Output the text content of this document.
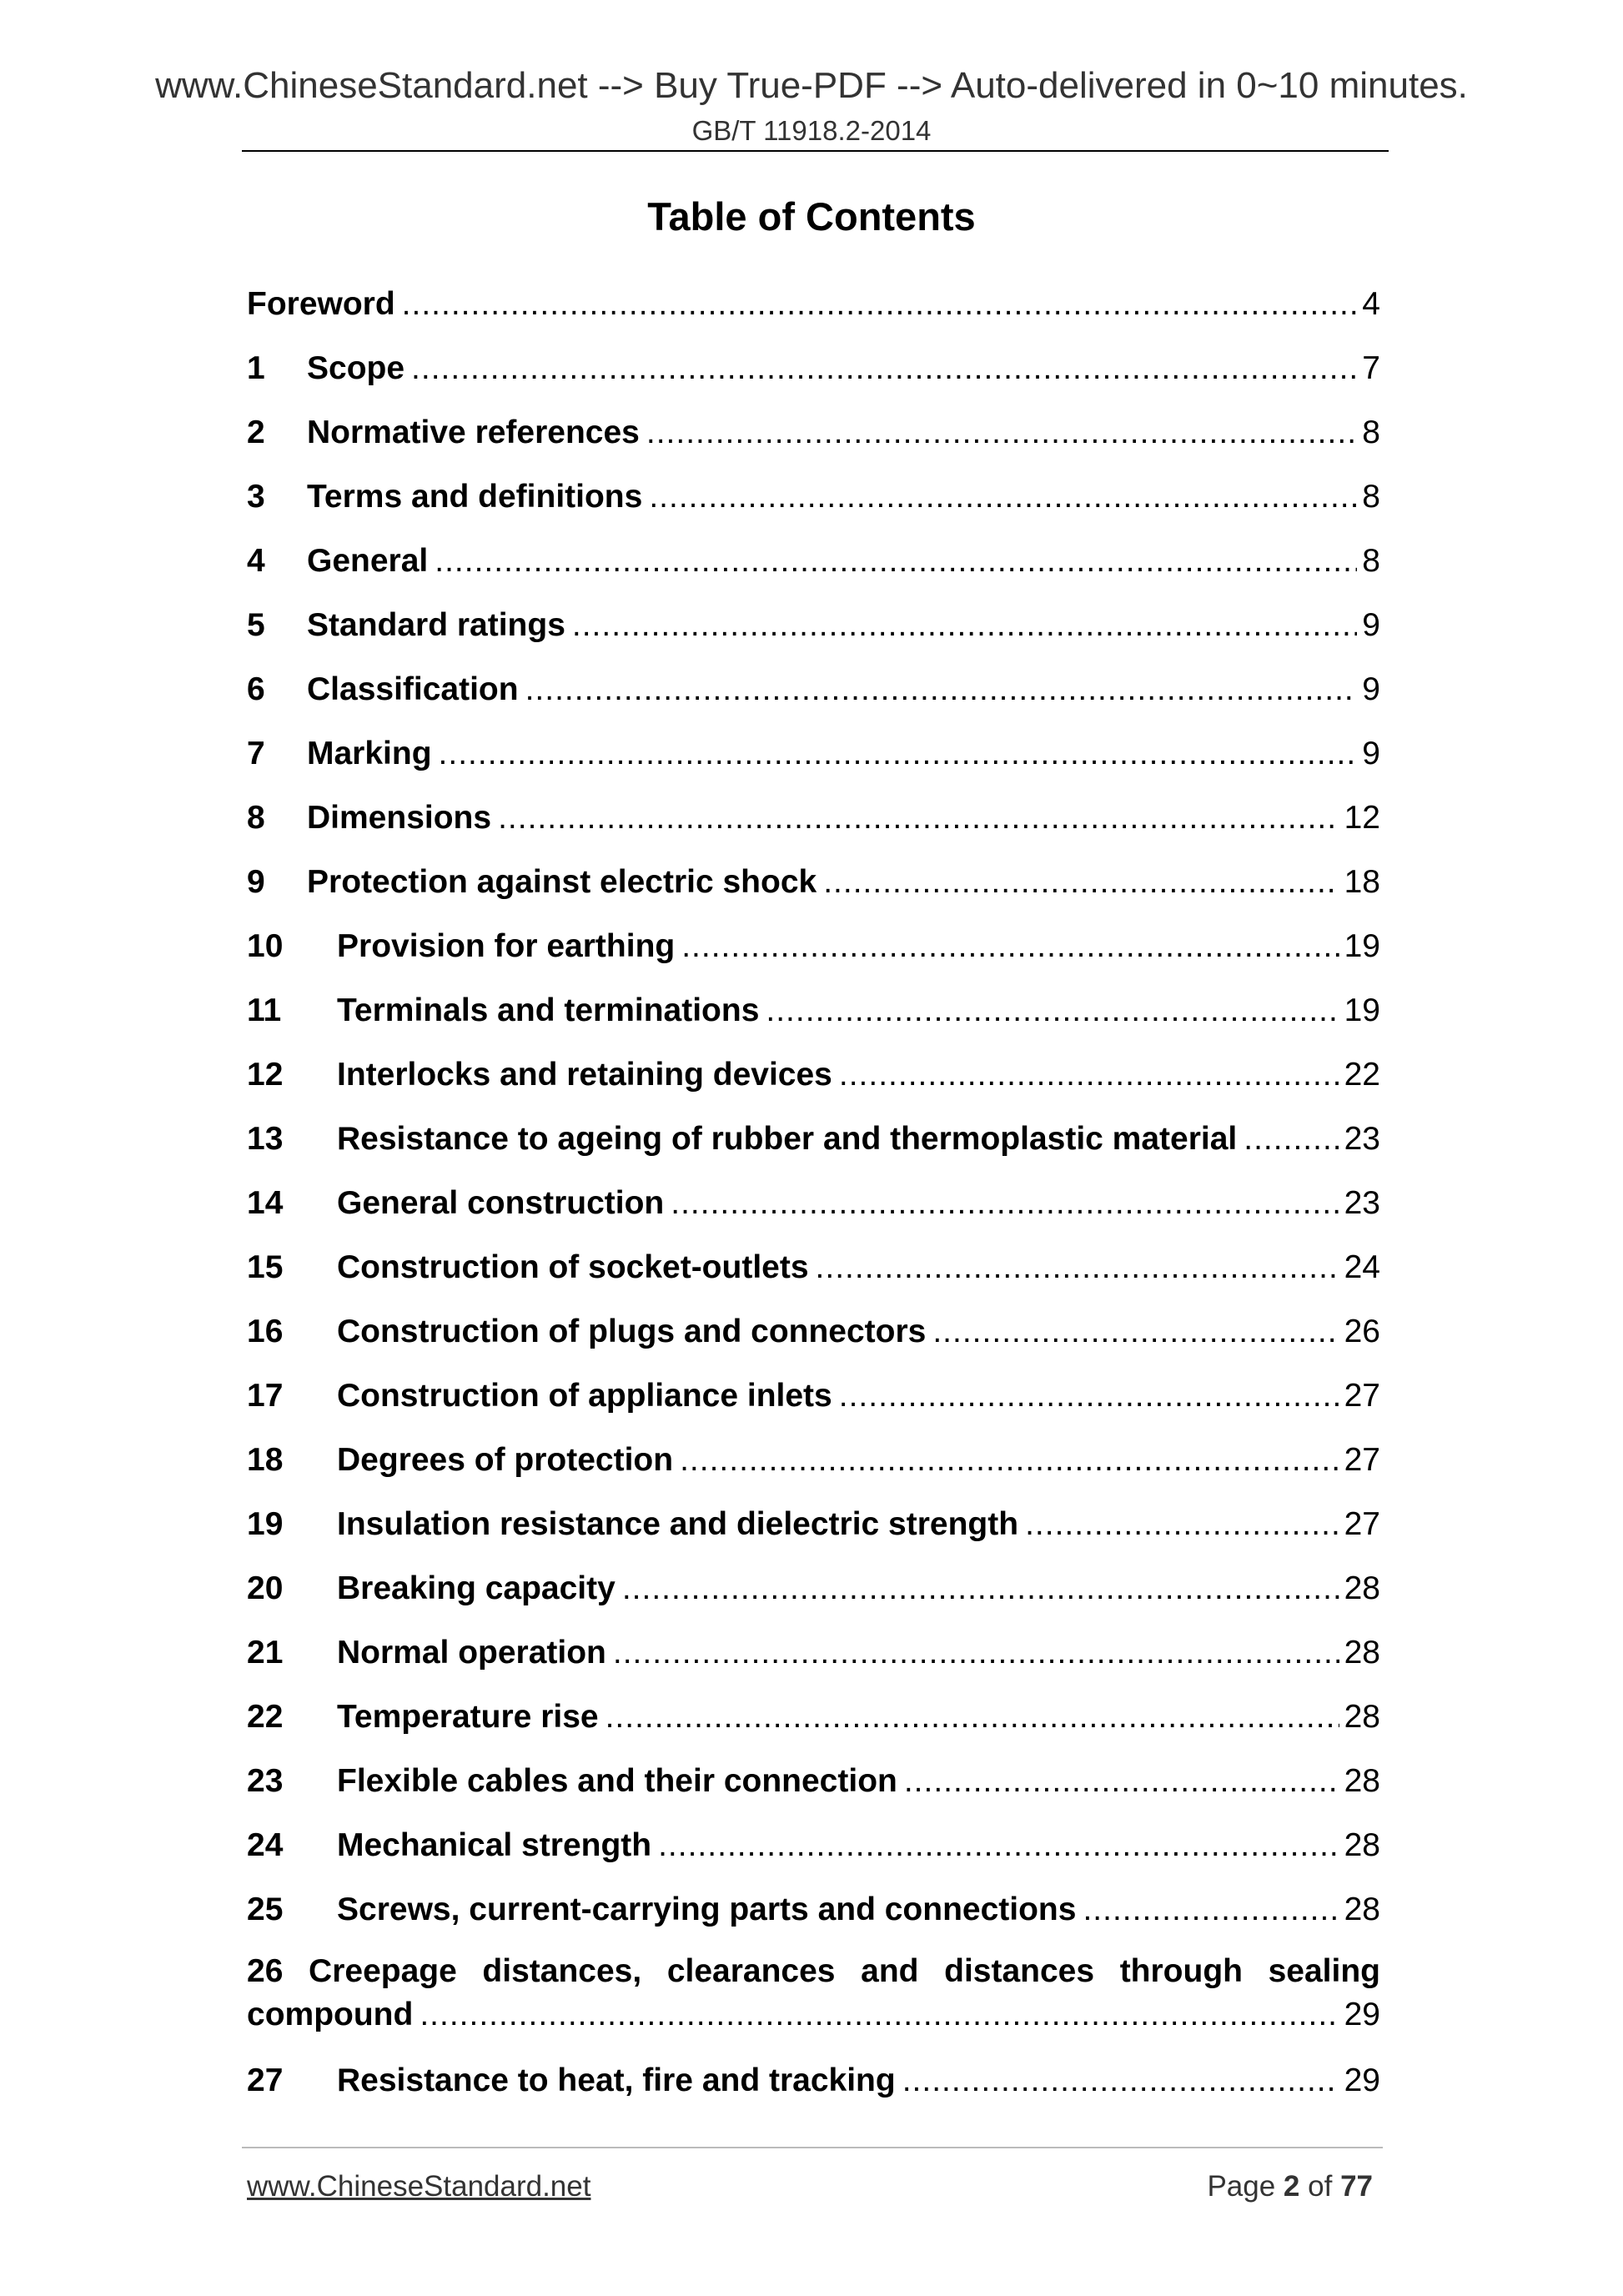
www.ChineseStandard.net --> Buy True-PDF --> Auto-delivered in 0~10 minutes.
GB/T 11918.2-2014
Table of Contents
Foreword .....	4
1	Scope .....	7
2	Normative references .....	8
3	Terms and definitions .....	8
4	General .....	8
5	Standard ratings .....	9
6	Classification .....	9
7	Marking .....	9
8	Dimensions .....	12
9	Protection against electric shock .....	18
10	Provision for earthing .....	19
11	Terminals and terminations .....	19
12	Interlocks and retaining devices .....	22
13	Resistance to ageing of rubber and thermoplastic material .....	23
14	General construction .....	23
15	Construction of socket-outlets .....	24
16	Construction of plugs and connectors .....	26
17	Construction of appliance inlets .....	27
18	Degrees of protection .....	27
19	Insulation resistance and dielectric strength .....	27
20	Breaking capacity .....	28
21	Normal operation .....	28
22	Temperature rise .....	28
23	Flexible cables and their connection .....	28
24	Mechanical strength .....	28
25	Screws, current-carrying parts and connections .....	28
26 Creepage distances, clearances and distances through sealing
compound .....	29
27	Resistance to heat, fire and tracking .....	29
www.ChineseStandard.net	Page 2 of 77
